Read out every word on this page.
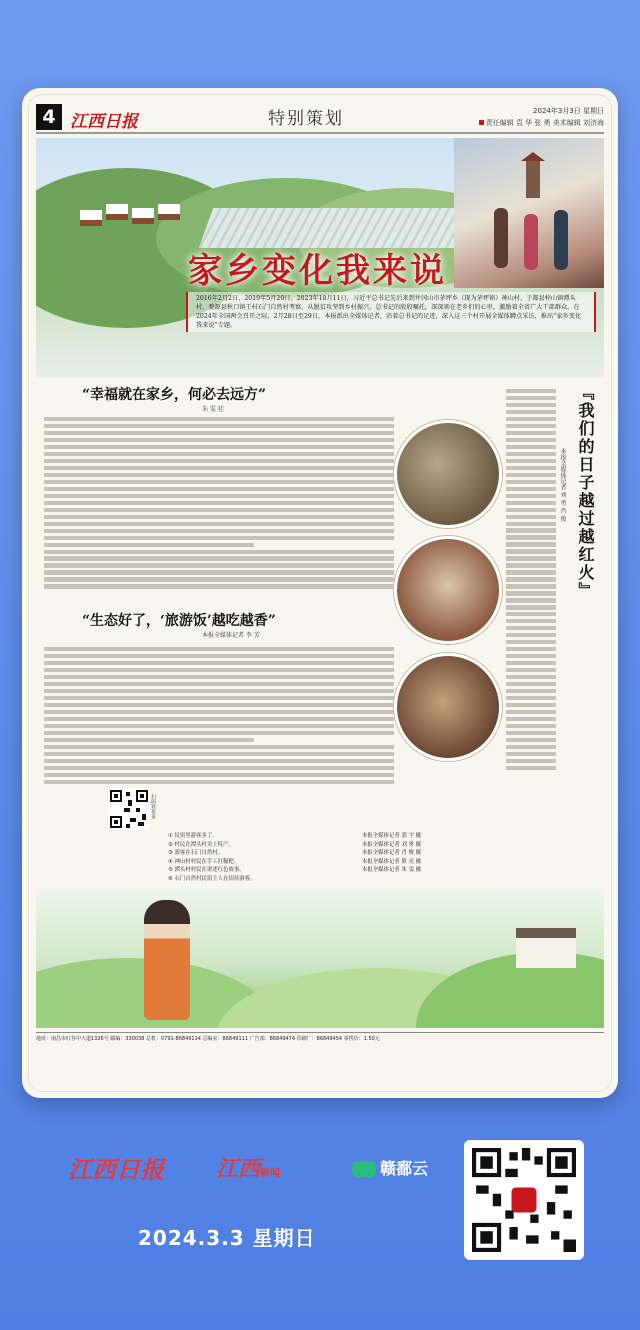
4 江西日报	特别策划	2024年3月3日 星期日
责任编辑 袁 华 张 勇 美术编辑 刘济海
家乡变化我来说
2016年2月2日、2019年5月20日、2023年10月11日，习近平总书记先后来到井冈山市茅坪乡（现为茅坪镇）神山村、于都县梓山镇潭头村、婺源县秋口镇王村石门自然村考察。从脱贫攻坚到乡村振兴，总书记的殷殷嘱托，深深刻在老乡们的心里，激励着全省广大干部群众。在2024年全国两会召开之际，2月28日至29日，本报派出全媒体记者，沿着总书记的足迹，深入这三个村开展全媒体蹲点采访，推出“家乡变化我来说”专题。
“幸福就在家乡，何必去远方”
朱 雯 廷
“生态好了，‘旅游饭’越吃越香”
本报全媒体记者 李 芳
『我们的日子越过越红火』
本报全媒体记者 刘 勇 肖 俊
扫码看更多
① 民宿里游客多了。
② 村民在潭头村卖土特产。
③ 游客在石门自然村。
④ 神山村村民在手工打糍粑。
⑤ 潭头村村民在讲述红色故事。
⑥ 石门自然村民宿主人在招待游客。
本报全媒体记者 郭 宇 摄
本报全媒体记者 刘 勇 摄
本报全媒体记者 肖 俊 摄
本报全媒体记者 熊 亮 摄
本报全媒体记者 朱 雯 摄
地址：南昌市红谷中大道1326号 邮编：330038 总机：0791-86849114 总编室：86849111 广告部：86849474 印刷厂：86849454 零售价：1.50元
江西日报 江西新闻	赣鄱云
2024.3.3 星期日
